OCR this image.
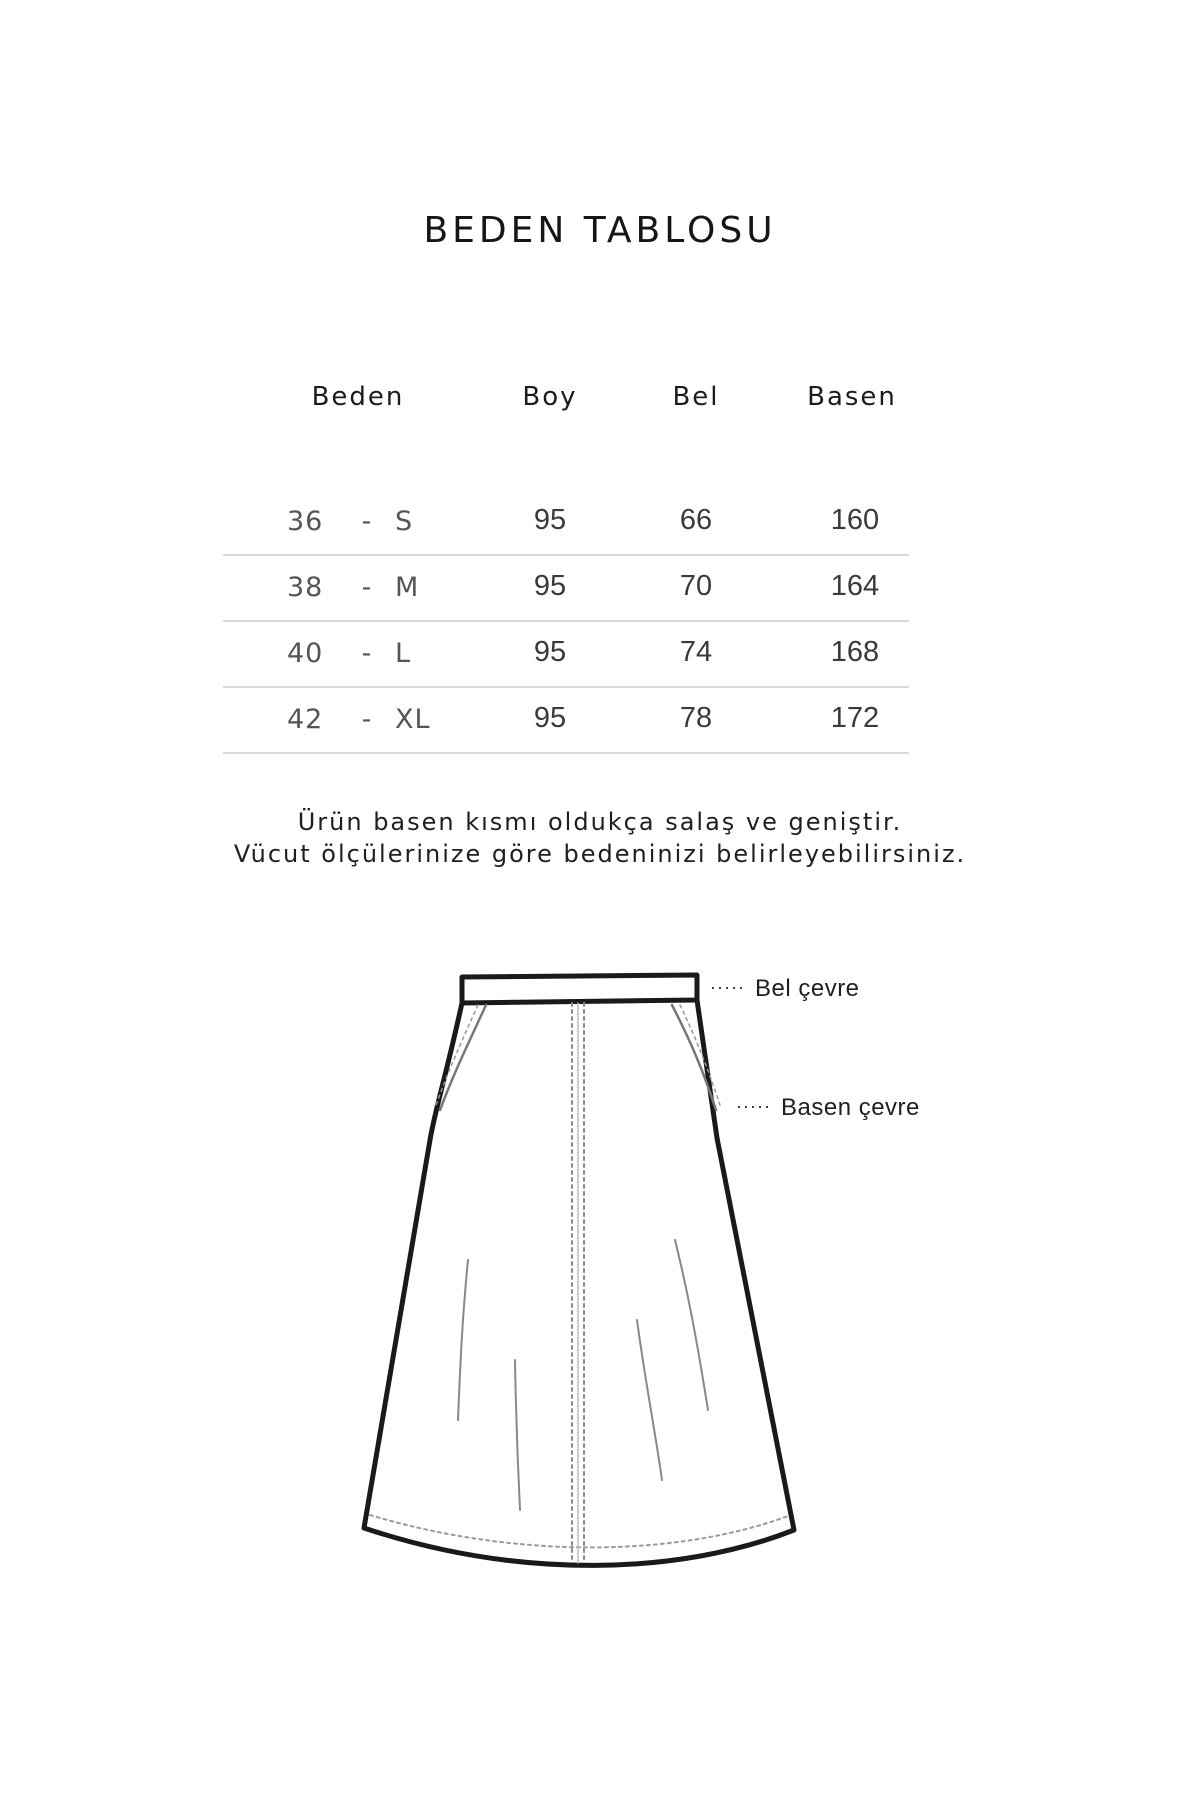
BEDEN TABLOSU
Beden	Boy	Bel	Basen
36 - S	95	66	160
38 - M	95	70	164
40 - L	95	74	168
42 - XL	95	78	172
Ürün basen kısmı oldukça salaş ve geniştir.
Vücut ölçülerinize göre bedeninizi belirleyebilirsiniz.
····· Bel çevre
····· Basen çevre
